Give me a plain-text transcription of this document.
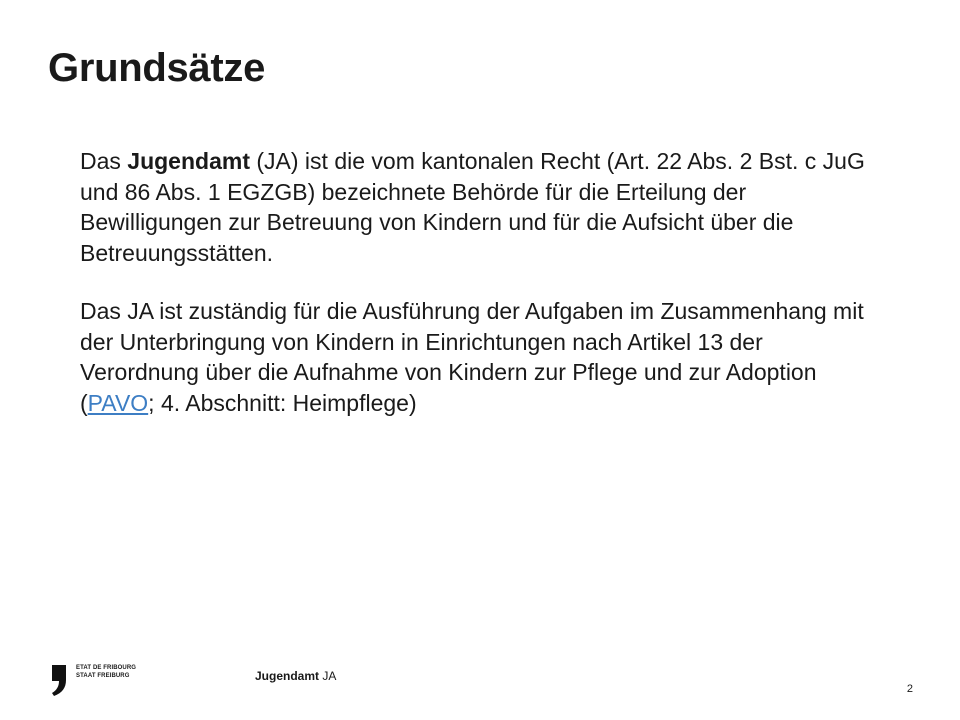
Grundsätze

Das Jugendamt (JA) ist die vom kantonalen Recht (Art. 22 Abs. 2 Bst. c JuG und 86 Abs. 1 EGZGB) bezeichnete Behörde für die Erteilung der Bewilligungen zur Betreuung von Kindern und für die Aufsicht über die Betreuungsstätten.

Das JA ist zuständig für die Ausführung der Aufgaben im Zusammenhang mit der Unterbringung von Kindern in Einrichtungen nach Artikel 13 der Verordnung über die Aufnahme von Kindern zur Pflege und zur Adoption (PAVO; 4. Abschnitt: Heimpflege)

ETAT DE FRIBOURG
STAAT FREIBURG	Jugendamt JA
2
